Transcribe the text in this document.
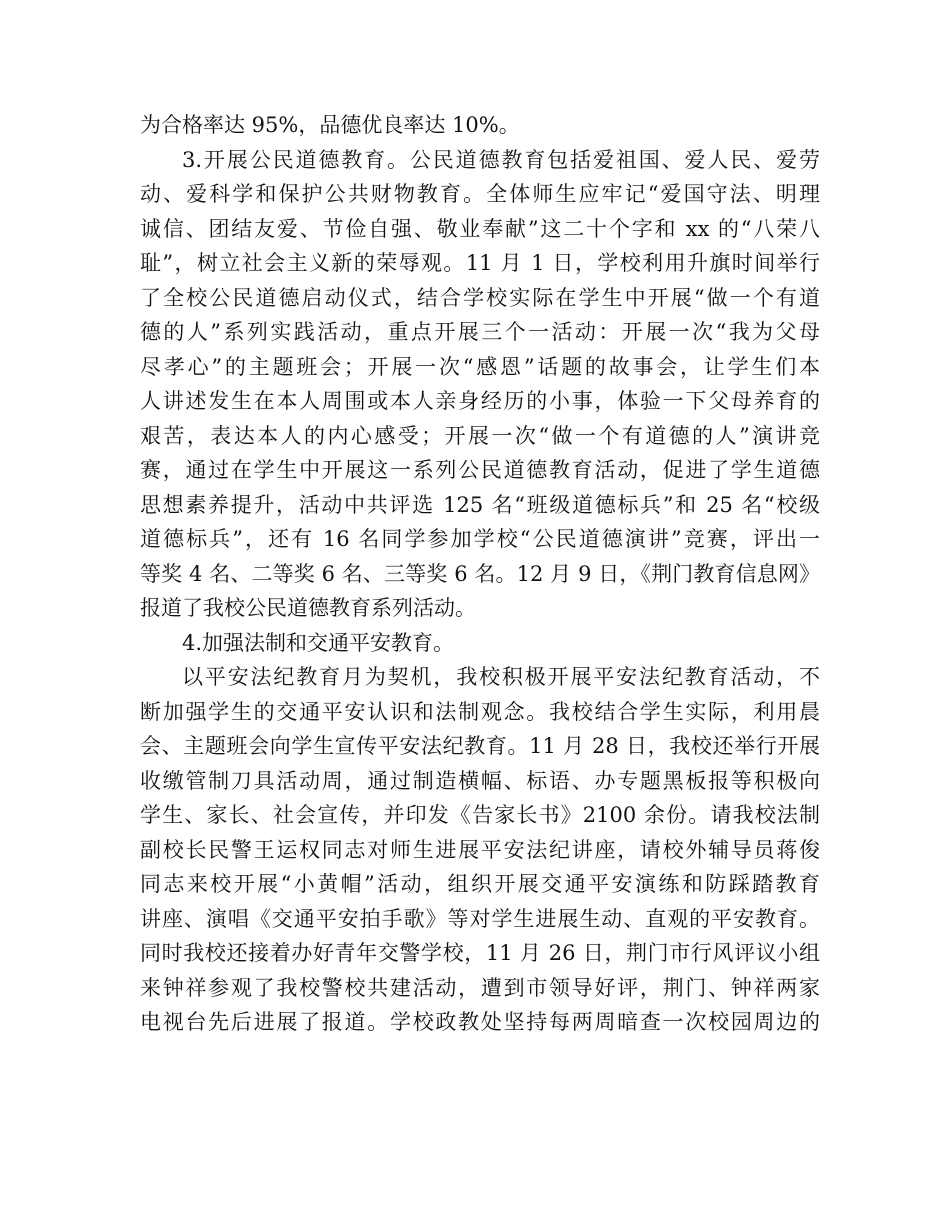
为合格率达 95%，品德优良率达 10%。
3.开展公民道德教育。公民道德教育包括爱祖国、爱人民、爱劳
动、爱科学和保护公共财物教育。全体师生应牢记“爱国守法、明理
诚信、团结友爱、节俭自强、敬业奉献”这二十个字和 xx 的“八荣八
耻”，树立社会主义新的荣辱观。11 月 1 日，学校利用升旗时间举行
了全校公民道德启动仪式，结合学校实际在学生中开展“做一个有道
德的人”系列实践活动，重点开展三个一活动：开展一次“我为父母
尽孝心”的主题班会；开展一次“感恩”话题的故事会，让学生们本
人讲述发生在本人周围或本人亲身经历的小事，体验一下父母养育的
艰苦，表达本人的内心感受；开展一次“做一个有道德的人”演讲竞
赛，通过在学生中开展这一系列公民道德教育活动，促进了学生道德
思想素养提升，活动中共评选 125 名“班级道德标兵”和 25 名“校级
道德标兵”，还有 16 名同学参加学校“公民道德演讲”竞赛，评出一
等奖 4 名、二等奖 6 名、三等奖 6 名。12 月 9 日，《荆门教育信息网》
报道了我校公民道德教育系列活动。
4.加强法制和交通平安教育。
以平安法纪教育月为契机，我校积极开展平安法纪教育活动，不
断加强学生的交通平安认识和法制观念。我校结合学生实际，利用晨
会、主题班会向学生宣传平安法纪教育。11 月 28 日，我校还举行开展
收缴管制刀具活动周，通过制造横幅、标语、办专题黑板报等积极向
学生、家长、社会宣传，并印发《告家长书》2100 余份。请我校法制
副校长民警王运权同志对师生进展平安法纪讲座，请校外辅导员蒋俊
同志来校开展“小黄帽”活动，组织开展交通平安演练和防踩踏教育
讲座、演唱《交通平安拍手歌》等对学生进展生动、直观的平安教育。
同时我校还接着办好青年交警学校，11 月 26 日，荆门市行风评议小组
来钟祥参观了我校警校共建活动，遭到市领导好评，荆门、钟祥两家
电视台先后进展了报道。学校政教处坚持每两周暗查一次校园周边的
